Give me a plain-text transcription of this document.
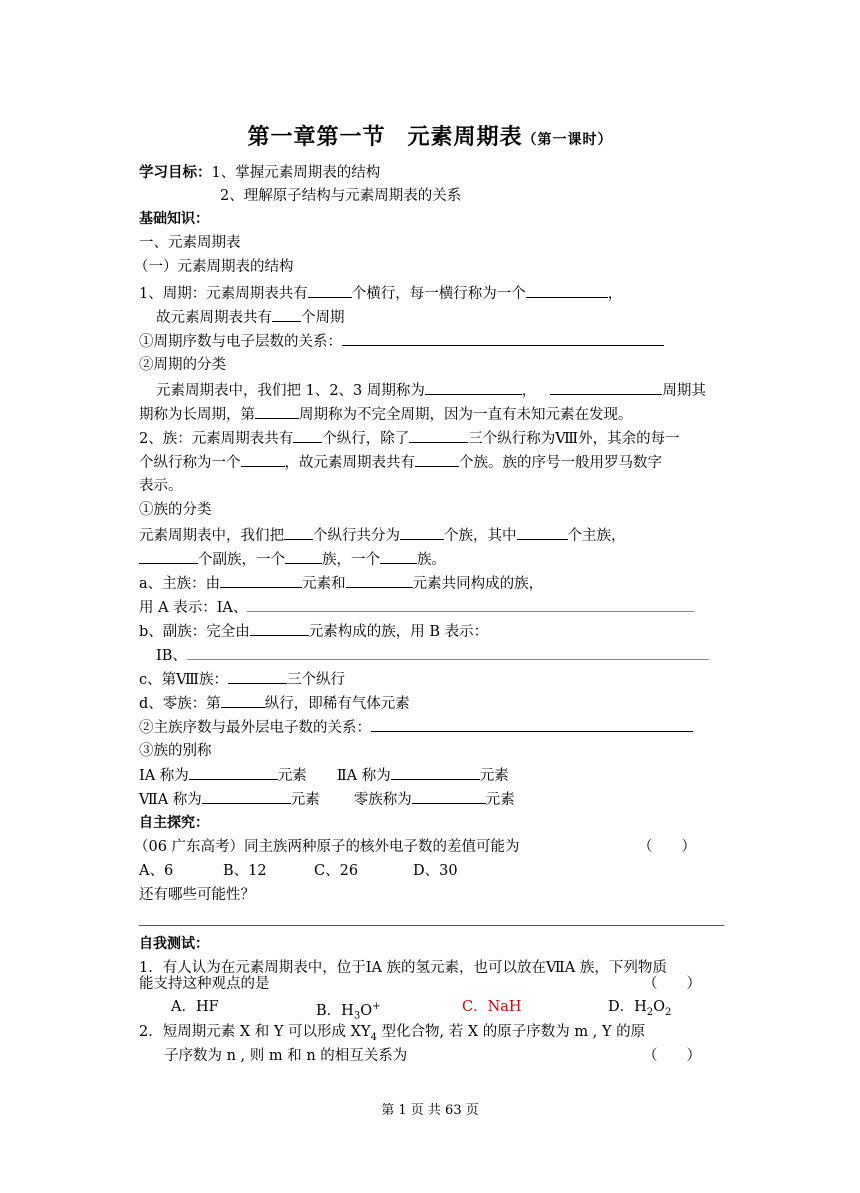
第一章第一节 元素周期表（第一课时）
学习目标：1、掌握元素周期表的结构
2、理解原子结构与元素周期表的关系
基础知识：
一、元素周期表
（一）元素周期表的结构
1、周期：元素周期表共有	个横行，每一横行称为一个	，
故元素周期表共有 个周期
①周期序数与电子层数的关系：
②周期的分类
元素周期表中，我们把 1、2、3 周期称为	，	周期其
期称为长周期，第	周期称为不完全周期，因为一直有未知元素在发现。
2、族：元素周期表共有 个纵行，除了	三个纵行称为Ⅷ外，其余的每一
个纵行称为一个	，故元素周期表共有	个族。族的序号一般用罗马数字
表示。
①族的分类
元素周期表中，我们把 个纵行共分为	个族，其中	个主族，
个副族，一个	族，一个	族。
a、主族：由	元素和	元素共同构成的族，
用 A 表示：ⅠA、
b、副族：完全由	元素构成的族，用 B 表示：
ⅠB、
c、第Ⅷ族：	三个纵行
d、零族：第	纵行，即稀有气体元素
②主族序数与最外层电子数的关系：
③族的别称
ⅠA 称为	元素 ⅡA 称为	元素
ⅦA 称为	元素 零族称为	元素
自主探究：
（06 广东高考）同主族两种原子的核外电子数的差值可能为	（　　）
A、6	B、12	C、26	D、30
还有哪些可能性？
自我测试：
1．有人认为在元素周期表中，位于ⅠA 族的氢元素，也可以放在ⅦA 族，下列物质
能支持这种观点的是	（　　）
A．HF	B．$H_3O^+$	C．NaH	D．$H_2O_2$
2．短周期元素 X 和 Y 可以形成 $XY_4$ 型化合物, 若 X 的原子序数为 m , Y 的原
子序数为 n , 则 m 和 n 的相互关系为	（　　）
第 1 页 共 63 页
